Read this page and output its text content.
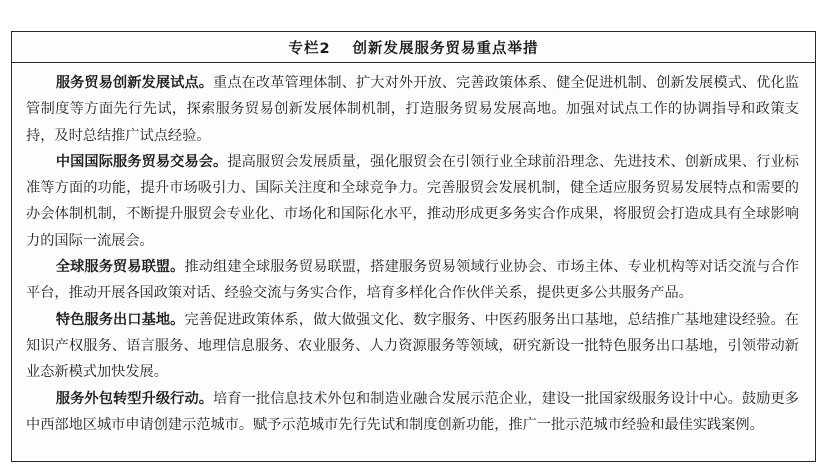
专栏2 创新发展服务贸易重点举措

服务贸易创新发展试点。重点在改革管理体制、扩大对外开放、完善政策体系、健全促进机制、创新发展模式、优化监管制度等方面先行先试，探索服务贸易创新发展体制机制，打造服务贸易发展高地。加强对试点工作的协调指导和政策支持，及时总结推广试点经验。

中国国际服务贸易交易会。提高服贸会发展质量，强化服贸会在引领行业全球前沿理念、先进技术、创新成果、行业标准等方面的功能，提升市场吸引力、国际关注度和全球竞争力。完善服贸会发展机制，健全适应服务贸易发展特点和需要的办会体制机制，不断提升服贸会专业化、市场化和国际化水平，推动形成更多务实合作成果，将服贸会打造成具有全球影响力的国际一流展会。

全球服务贸易联盟。推动组建全球服务贸易联盟，搭建服务贸易领域行业协会、市场主体、专业机构等对话交流与合作平台，推动开展各国政策对话、经验交流与务实合作，培育多样化合作伙伴关系，提供更多公共服务产品。

特色服务出口基地。完善促进政策体系，做大做强文化、数字服务、中医药服务出口基地，总结推广基地建设经验。在知识产权服务、语言服务、地理信息服务、农业服务、人力资源服务等领域，研究新设一批特色服务出口基地，引领带动新业态新模式加快发展。

服务外包转型升级行动。培育一批信息技术外包和制造业融合发展示范企业，建设一批国家级服务设计中心。鼓励更多中西部地区城市申请创建示范城市。赋予示范城市先行先试和制度创新功能，推广一批示范城市经验和最佳实践案例。
